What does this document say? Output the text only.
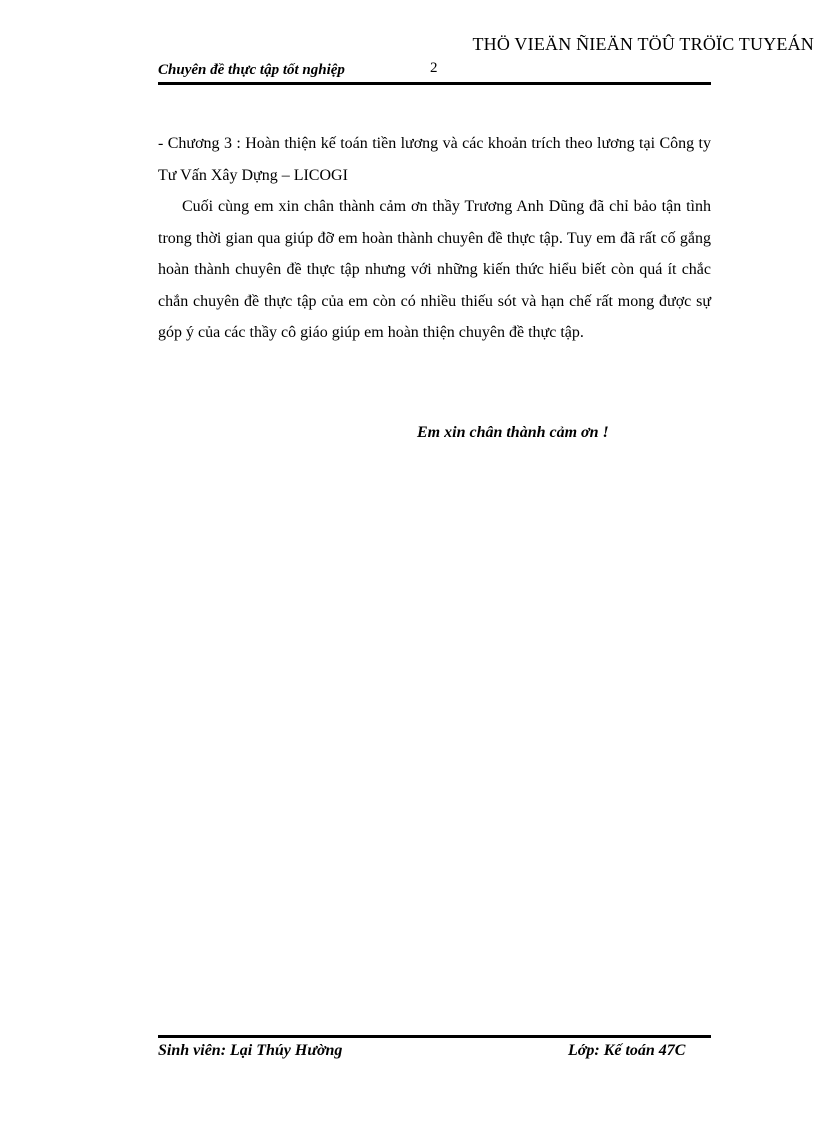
THÖ VIEÄN ÑIEÄN TÖÛ TRÖÏC TUYEÁN
Chuyên đề thực tập tốt nghiệp	2

- Chương 3 : Hoàn thiện kế toán tiền lương và các khoản trích theo lương tại Công ty Tư Vấn Xây Dựng – LICOGI

Cuối cùng em xin chân thành cảm ơn thầy Trương Anh Dũng đã chỉ bảo tận tình trong thời gian qua giúp đỡ em hoàn thành chuyên đề thực tập. Tuy em đã rất cố gắng hoàn thành chuyên đề thực tập nhưng với những kiến thức hiểu biết còn quá ít chắc chắn chuyên đề thực tập của em còn có nhiều thiếu sót và hạn chế rất mong được sự góp ý của các thầy cô giáo giúp em hoàn thiện chuyên đề thực tập.

Em xin chân thành cảm ơn !
Sinh viên: Lại Thúy Hường	Lớp: Kế toán 47C
